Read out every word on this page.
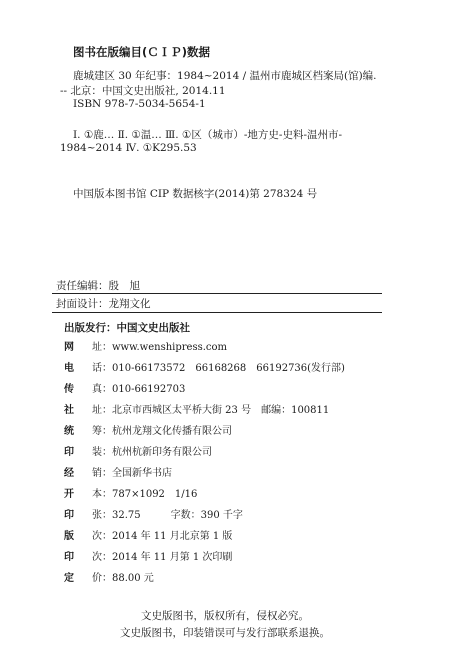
图书在版编目(ＣＩＰ)数据
鹿城建区 30 年纪事：1984~2014 / 温州市鹿城区档案局(馆)编.
-- 北京：中国文史出版社, 2014.11
ISBN 978-7-5034-5654-1
Ⅰ. ①鹿… Ⅱ. ①温… Ⅲ. ①区（城市）-地方史-史料-温州市-
1984~2014 Ⅳ. ①K295.53
中国版本图书馆 CIP 数据核字(2014)第 278324 号
责任编辑：殷　旭
封面设计：龙翔文化
出版发行：中国文史出版社
网 址：www.wenshipress.com
电 话：010-66173572　66168268　66192736(发行部)
传 真：010-66192703
社 址：北京市西城区太平桥大街 23 号　邮编：100811
统 筹：杭州龙翔文化传播有限公司
印 装：杭州杭新印务有限公司
经 销：全国新华书店
开 本：787×1092　1/16
印 张：32.75　　　字数：390 千字
版 次：2014 年 11 月北京第 1 版
印 次：2014 年 11 月第 1 次印刷
定 价：88.00 元
文史版图书，版权所有，侵权必究。
文史版图书，印装错误可与发行部联系退换。
